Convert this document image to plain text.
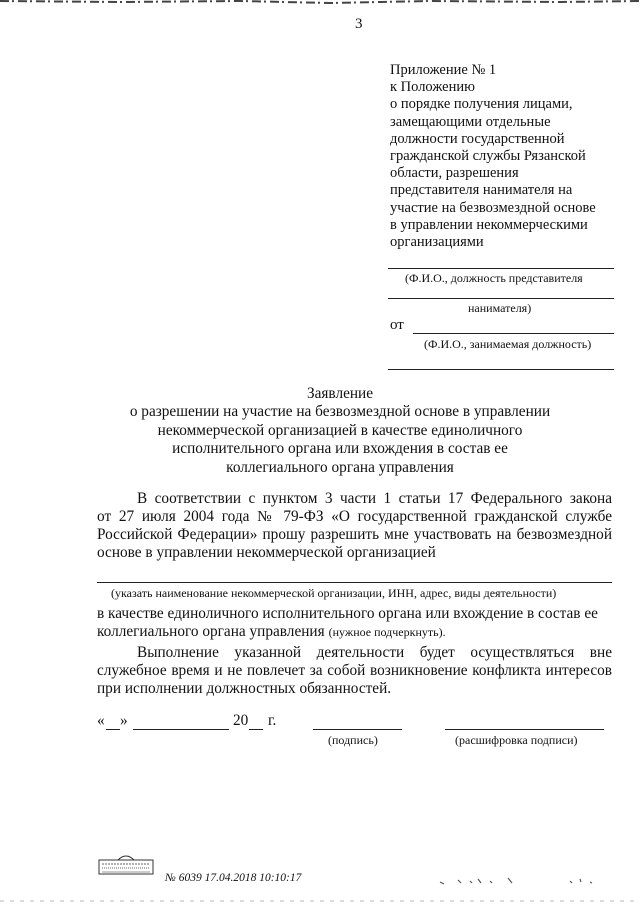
3
Приложение № 1
к Положению
о порядке получения лицами,
замещающими отдельные
должности государственной
гражданской службы Рязанской
области, разрешения
представителя нанимателя на
участие на безвозмездной основе
в управлении некоммерческими
организациями
(Ф.И.О., должность представителя
нанимателя)
от
(Ф.И.О., занимаемая должность)
Заявление
о разрешении на участие на безвозмездной основе в управлении
некоммерческой организацией в качестве единоличного
исполнительного органа или вхождения в состав ее
коллегиального органа управления
В соответствии с пунктом 3 части 1 статьи 17 Федерального закона
от 27 июля 2004 года № 79-ФЗ «О государственной гражданской службе
Российской Федерации» прошу разрешить мне участвовать на безвозмездной
основе в управлении некоммерческой организацией
(указать наименование некоммерческой организации, ИНН, адрес, виды деятельности)
в качестве единоличного исполнительного органа или вхождение в состав ее
коллегиального органа управления (нужное подчеркнуть).
Выполнение указанной деятельности будет осуществляться вне
служебное время и не повлечет за собой возникновение конфликта интересов
при исполнении должностных обязанностей.
« »	20 г.
(подпись)	(расшифровка подписи)
№ 6039 17.04.2018 10:10:17
